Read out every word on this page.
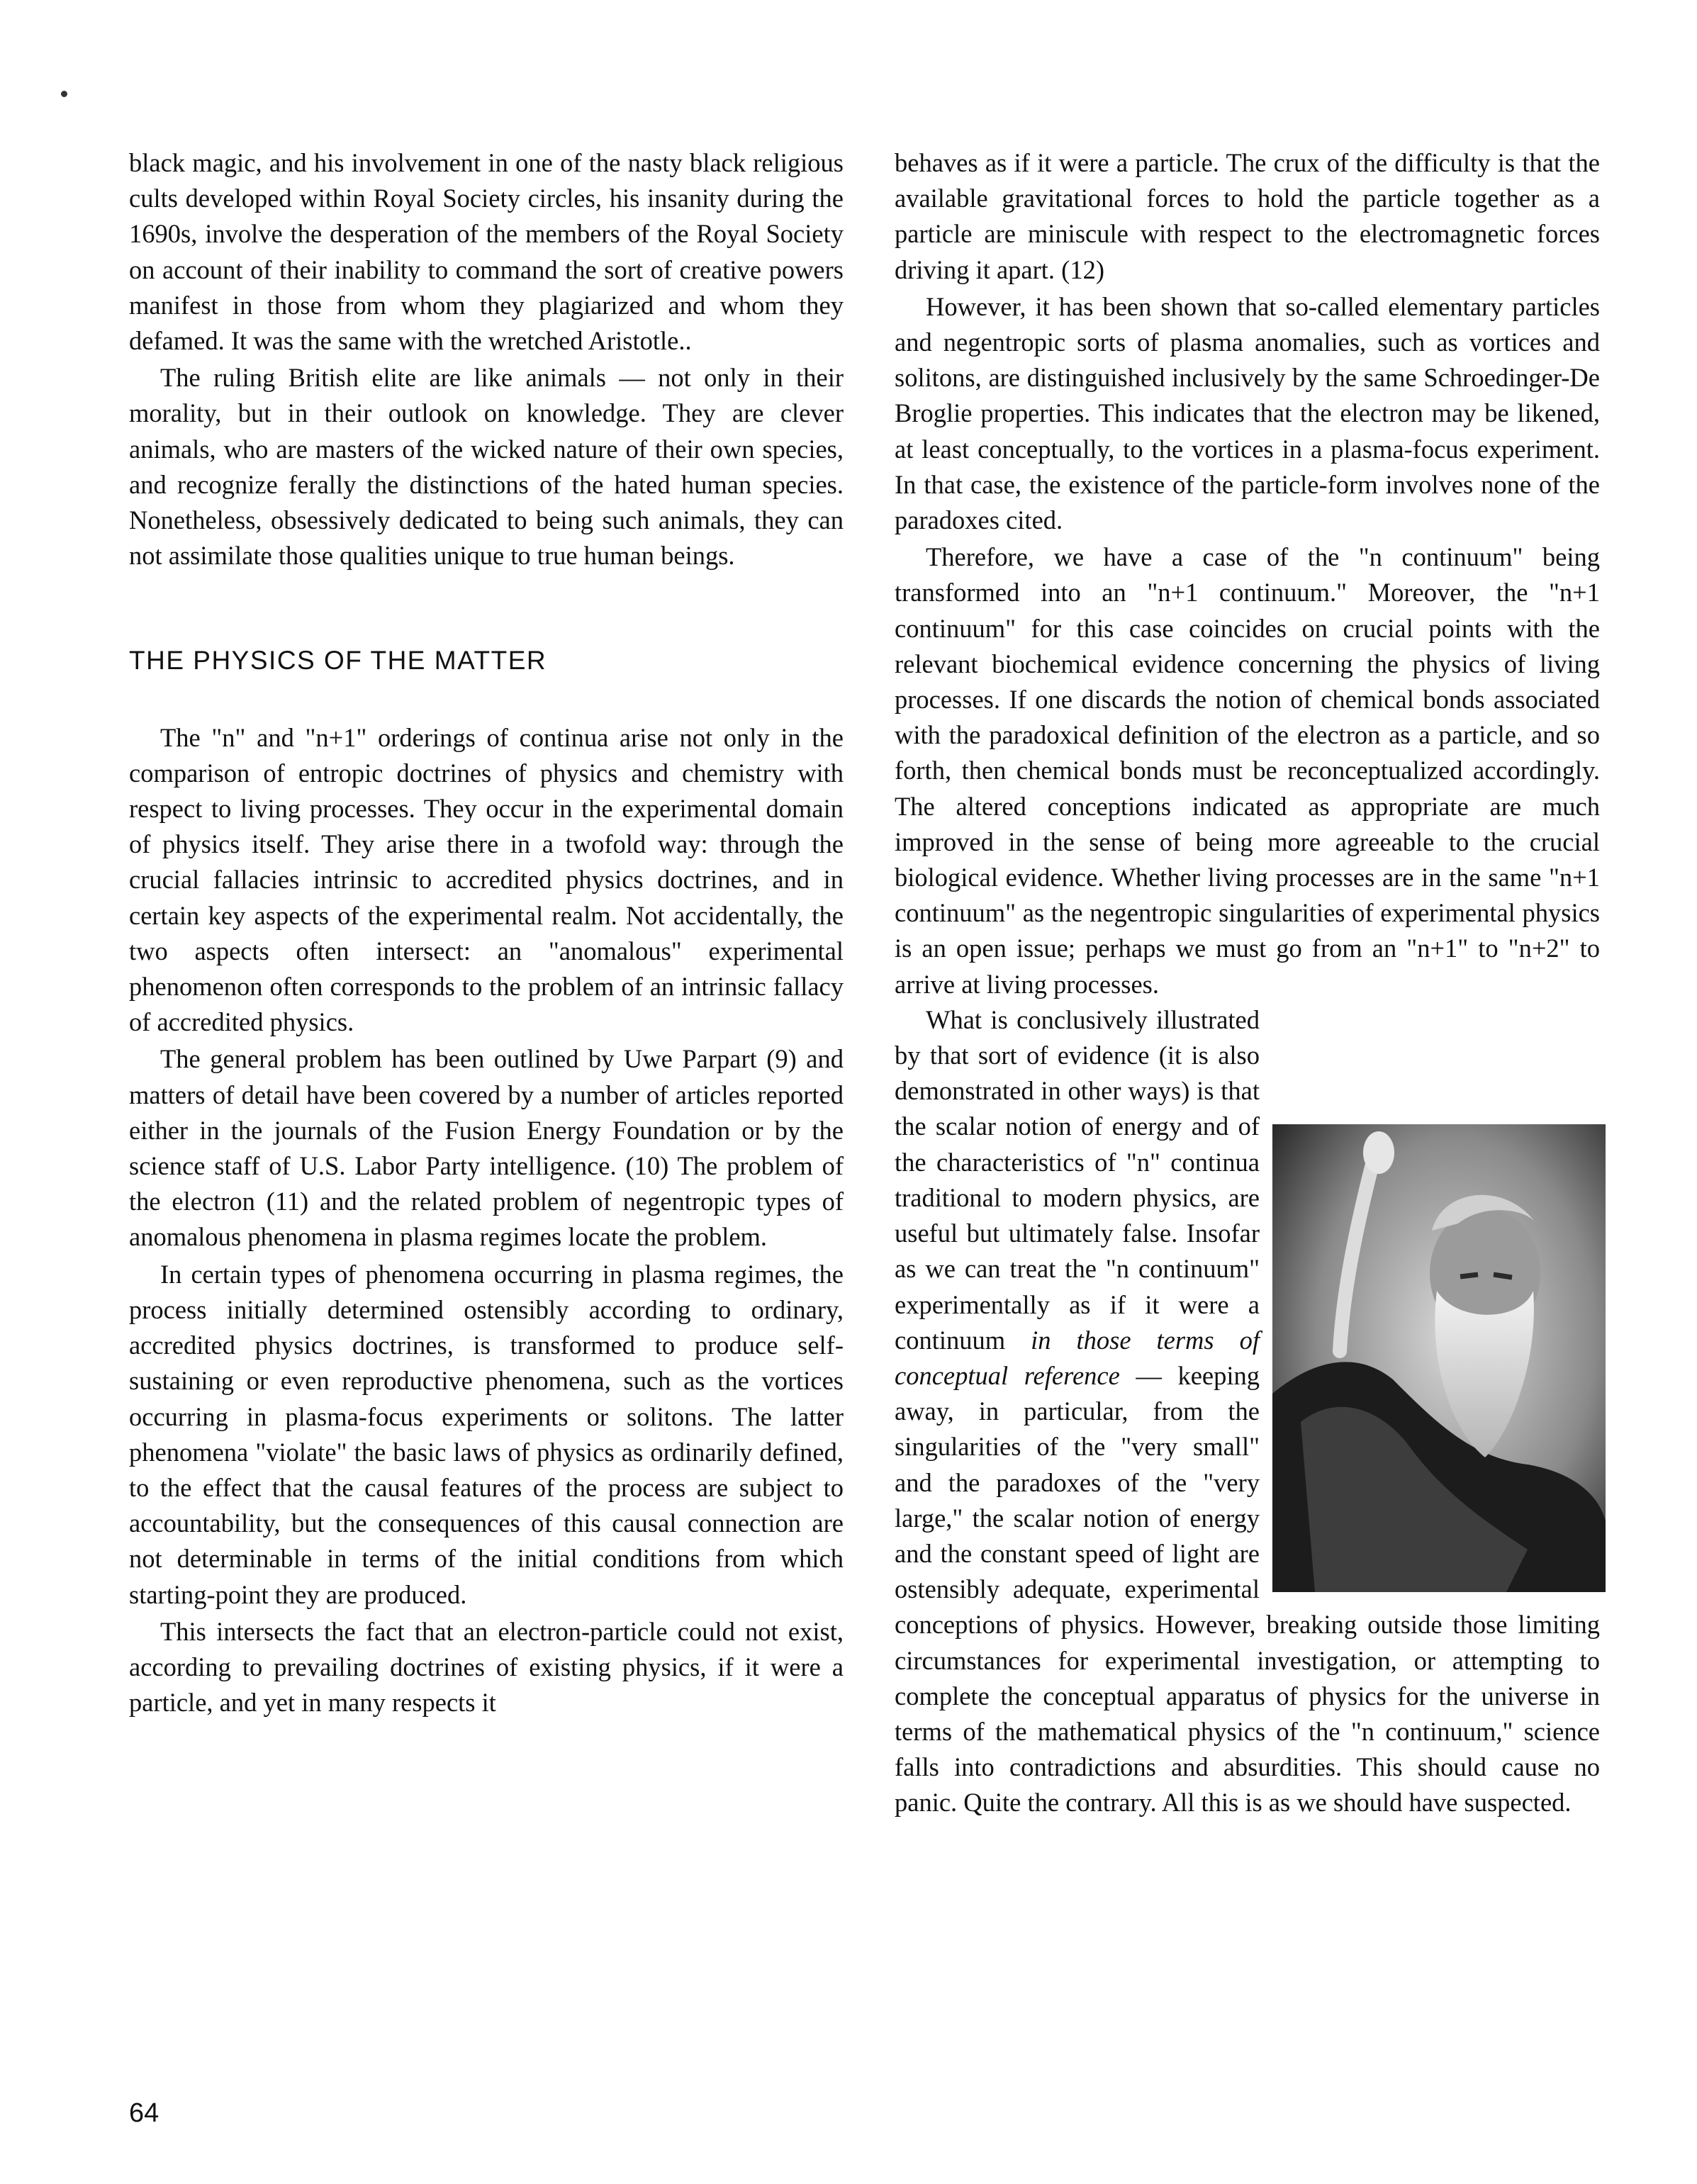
black magic, and his involvement in one of the nasty black religious cults developed within Royal Society circles, his insanity during the 1690s, involve the desperation of the members of the Royal Society on account of their inability to command the sort of creative powers manifest in those from whom they plagiarized and whom they defamed. It was the same with the wretched Aristotle..

The ruling British elite are like animals — not only in their morality, but in their outlook on knowledge. They are clever animals, who are masters of the wicked nature of their own species, and recognize ferally the distinctions of the hated human species. Nonetheless, obsessively dedicated to being such animals, they can not assimilate those qualities unique to true human beings.

THE PHYSICS OF THE MATTER

The "n" and "n+1" orderings of continua arise not only in the comparison of entropic doctrines of physics and chemistry with respect to living processes. They occur in the experimental domain of physics itself. They arise there in a twofold way: through the crucial fallacies intrinsic to accredited physics doctrines, and in certain key aspects of the experimental realm. Not accidentally, the two aspects often intersect: an "anomalous" experimental phenomenon often corresponds to the problem of an intrinsic fallacy of accredited physics.

The general problem has been outlined by Uwe Parpart (9) and matters of detail have been covered by a number of articles reported either in the journals of the Fusion Energy Foundation or by the science staff of U.S. Labor Party intelligence. (10) The problem of the electron (11) and the related problem of negentropic types of anomalous phenomena in plasma regimes locate the problem.

In certain types of phenomena occurring in plasma regimes, the process initially determined ostensibly according to ordinary, accredited physics doctrines, is transformed to produce self-sustaining or even reproductive phenomena, such as the vortices occurring in plasma-focus experiments or solitons. The latter phenomena "violate" the basic laws of physics as ordinarily defined, to the effect that the causal features of the process are subject to accountability, but the consequences of this causal connection are not determinable in terms of the initial conditions from which starting-point they are produced.

This intersects the fact that an electron-particle could not exist, according to prevailing doctrines of existing physics, if it were a particle, and yet in many respects it

behaves as if it were a particle. The crux of the difficulty is that the available gravitational forces to hold the particle together as a particle are miniscule with respect to the electromagnetic forces driving it apart. (12)

However, it has been shown that so-called elementary particles and negentropic sorts of plasma anomalies, such as vortices and solitons, are distinguished inclusively by the same Schroedinger-De Broglie properties. This indicates that the electron may be likened, at least conceptually, to the vortices in a plasma-focus experiment. In that case, the existence of the particle-form involves none of the paradoxes cited.

Therefore, we have a case of the "n continuum" being transformed into an "n+1 continuum." Moreover, the "n+1 continuum" for this case coincides on crucial points with the relevant biochemical evidence concerning the physics of living processes. If one discards the notion of chemical bonds associated with the paradoxical definition of the electron as a particle, and so forth, then chemical bonds must be reconceptualized accordingly. The altered conceptions indicated as appropriate are much improved in the sense of being more agreeable to the crucial biological evidence. Whether living processes are in the same "n+1 continuum" as the negentropic singularities of experimental physics is an open issue; perhaps we must go from an "n+1" to "n+2" to arrive at living processes.

What is conclusively illustrated by that sort of evidence (it is also demonstrated in other ways) is that the scalar notion of energy and of the characteristics of "n" continua traditional to modern physics, are useful but ultimately false. Insofar as we can treat the "n continuum" experimentally as if it were a continuum in those terms of conceptual reference — keeping away, in particular, from the singularities of the "very small" and the paradoxes of the "very large," the scalar notion of energy and the constant speed of light are ostensibly adequate, experimental conceptions of physics. However, breaking outside those limiting circumstances for experimental investigation, or attempting to complete the conceptual apparatus of physics for the universe in terms of the mathematical physics of the "n continuum," science falls into contradictions and absurdities. This should cause no panic. Quite the contrary. All this is as we should have suspected.

64
